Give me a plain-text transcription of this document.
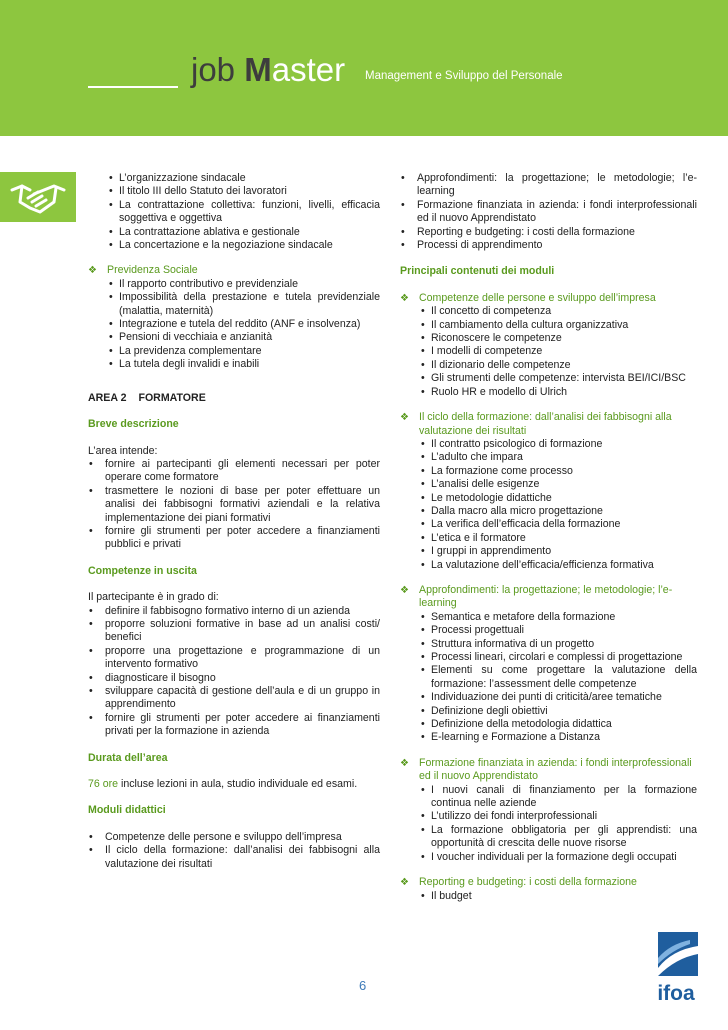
job Master Management e Sviluppo del Personale
• L’organizzazione sindacale
• Il titolo III dello Statuto dei lavoratori
• La contrattazione collettiva: funzioni, livelli, efficacia soggettiva e oggettiva
• La contrattazione ablativa e gestionale
• La concertazione e la negoziazione sindacale
❖ Previdenza Sociale
• Il rapporto contributivo e previdenziale
• Impossibilità della prestazione e tutela previdenziale (malattia, maternità)
• Integrazione e tutela del reddito (ANF e insolvenza)
• Pensioni di vecchiaia e anzianità
• La previdenza complementare
• La tutela degli invalidi e inabili
AREA 2 FORMATORE
Breve descrizione
L’area intende:
• fornire ai partecipanti gli elementi necessari per poter operare come formatore
• trasmettere le nozioni di base per poter effettuare un analisi dei fabbisogni formativi aziendali e la relativa implementazione dei piani formativi
• fornire gli strumenti per poter accedere a finanziamenti pubblici e privati
Competenze in uscita
Il partecipante è in grado di:
• definire il fabbisogno formativo interno di un azienda
• proporre soluzioni formative in base ad un analisi costi/ benefici
• proporre una progettazione e programmazione di un intervento formativo
• diagnosticare il bisogno
• sviluppare capacità di gestione dell’aula e di un gruppo in apprendimento
• fornire gli strumenti per poter accedere ai finanziamenti privati per la formazione in azienda
Durata dell’area
76 ore incluse lezioni in aula, studio individuale ed esami.
Moduli didattici
• Competenze delle persone e sviluppo dell’impresa
• Il ciclo della formazione: dall’analisi dei fabbisogni alla valutazione dei risultati
• Approfondimenti: la progettazione; le metodologie; l’e-learning
• Formazione finanziata in azienda: i fondi interprofessionali ed il nuovo Apprendistato
• Reporting e budgeting: i costi della formazione
• Processi di apprendimento
Principali contenuti dei moduli
❖ Competenze delle persone e sviluppo dell’impresa
• Il concetto di competenza
• Il cambiamento della cultura organizzativa
• Riconoscere le competenze
• I modelli di competenze
• Il dizionario delle competenze
• Gli strumenti delle competenze: intervista BEI/ICI/BSC
• Ruolo HR e modello di Ulrich
❖ Il ciclo della formazione: dall’analisi dei fabbisogni alla valutazione dei risultati
• Il contratto psicologico di formazione
• L’adulto che impara
• La formazione come processo
• L’analisi delle esigenze
• Le metodologie didattiche
• Dalla macro alla micro progettazione
• La verifica dell’efficacia della formazione
• L’etica e il formatore
• I gruppi in apprendimento
• La valutazione dell’efficacia/efficienza formativa
❖ Approfondimenti: la progettazione; le metodologie; l’e-learning
• Semantica e metafore della formazione
• Processi progettuali
• Struttura informativa di un progetto
• Processi lineari, circolari e complessi di progettazione
• Elementi su come progettare la valutazione della formazione: l’assessment delle competenze
• Individuazione dei punti di criticità/aree tematiche
• Definizione degli obiettivi
• Definizione della metodologia didattica
• E-learning e Formazione a Distanza
❖ Formazione finanziata in azienda: i fondi interprofessionali ed il nuovo Apprendistato
• I nuovi canali di finanziamento per la formazione continua nelle aziende
• L’utilizzo dei fondi interprofessionali
• La formazione obbligatoria per gli apprendisti: una opportunità di crescita delle nuove risorse
• I voucher individuali per la formazione degli occupati
❖ Reporting e budgeting: i costi della formazione
• Il budget
6	ifoa
